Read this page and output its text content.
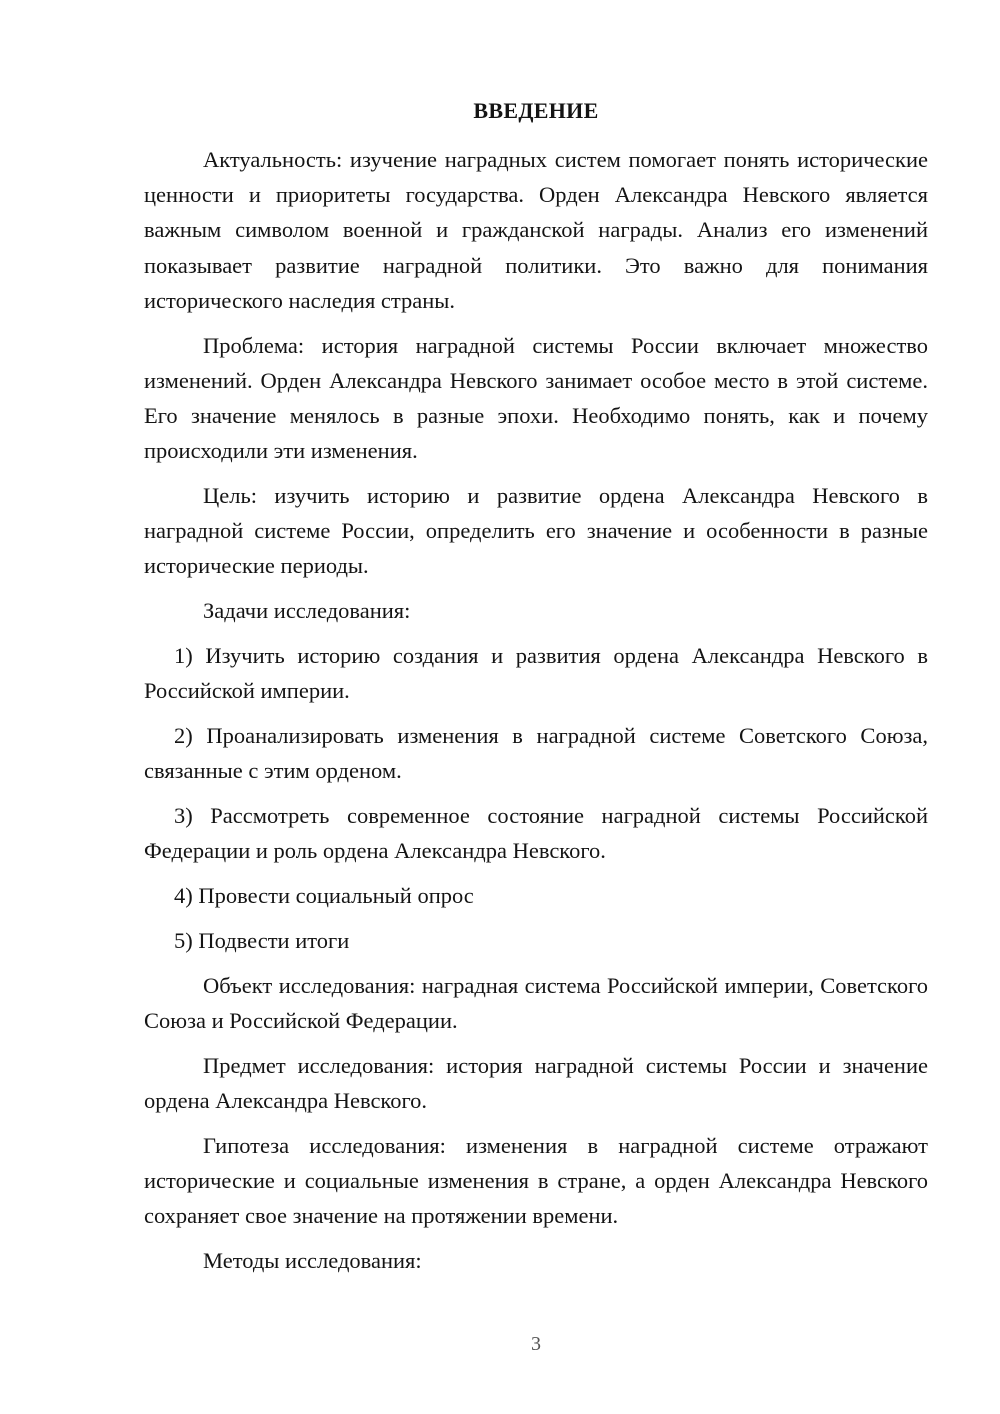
ВВЕДЕНИЕ

Актуальность: изучение наградных систем помогает понять исторические ценности и приоритеты государства. Орден Александра Невского является важным символом военной и гражданской награды. Анализ его изменений показывает развитие наградной политики. Это важно для понимания исторического наследия страны.

Проблема: история наградной системы России включает множество изменений. Орден Александра Невского занимает особое место в этой системе. Его значение менялось в разные эпохи. Необходимо понять, как и почему происходили эти изменения.

Цель: изучить историю и развитие ордена Александра Невского в наградной системе России, определить его значение и особенности в разные исторические периоды.

Задачи исследования:

1) Изучить историю создания и развития ордена Александра Невского в Российской империи.

2) Проанализировать изменения в наградной системе Советского Союза, связанные с этим орденом.

3) Рассмотреть современное состояние наградной системы Российской Федерации и роль ордена Александра Невского.

4) Провести социальный опрос

5) Подвести итоги

Объект исследования: наградная система Российской империи, Советского Союза и Российской Федерации.

Предмет исследования: история наградной системы России и значение ордена Александра Невского.

Гипотеза исследования: изменения в наградной системе отражают исторические и социальные изменения в стране, а орден Александра Невского сохраняет свое значение на протяжении времени.

Методы исследования:

3
